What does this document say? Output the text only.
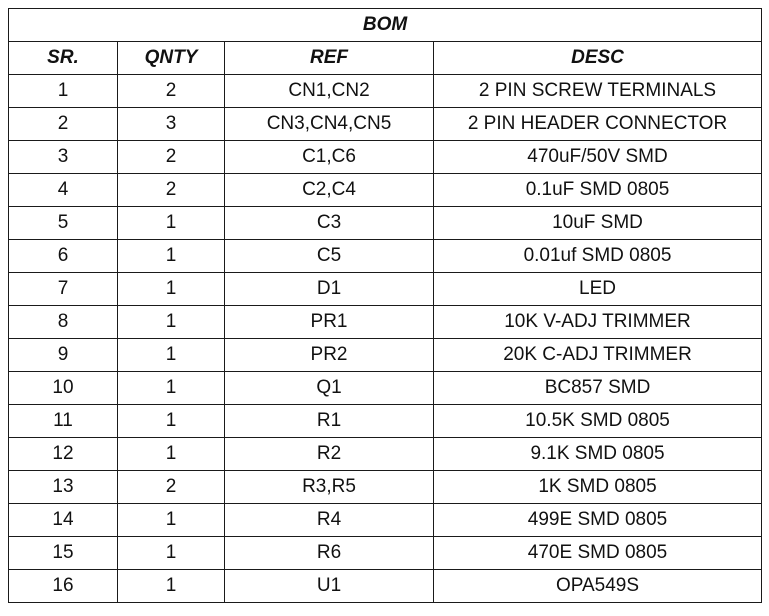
BOM			
SR.	QNTY	REF	DESC
1	2	CN1,CN2	2 PIN SCREW TERMINALS
2	3	CN3,CN4,CN5	2 PIN HEADER CONNECTOR
3	2	C1,C6	470uF/50V SMD
4	2	C2,C4	0.1uF SMD 0805
5	1	C3	10uF SMD
6	1	C5	0.01uf SMD 0805
7	1	D1	LED
8	1	PR1	10K V-ADJ TRIMMER
9	1	PR2	20K C-ADJ TRIMMER
10	1	Q1	BC857 SMD
11	1	R1	10.5K SMD 0805
12	1	R2	9.1K SMD 0805
13	2	R3,R5	1K SMD 0805
14	1	R4	499E SMD 0805
15	1	R6	470E SMD 0805
16	1	U1	OPA549S
